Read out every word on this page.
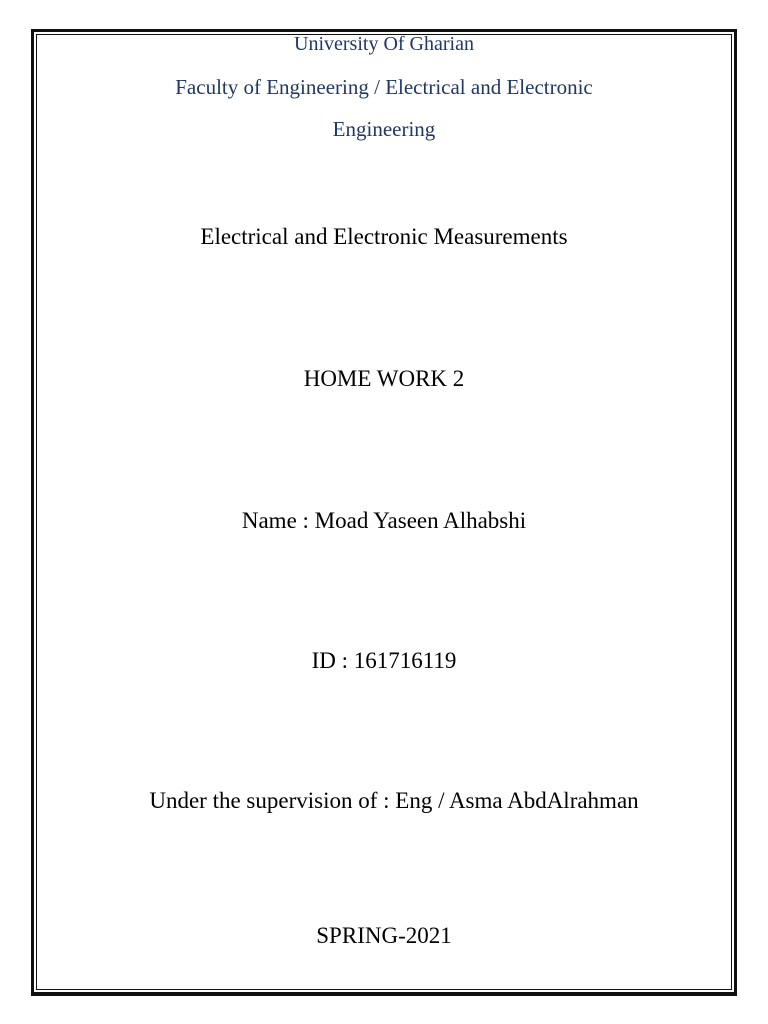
University Of Gharian
Faculty of Engineering / Electrical and Electronic
Engineering
Electrical and Electronic Measurements
HOME WORK 2
Name : Moad Yaseen Alhabshi
ID : 161716119
Under the supervision of : Eng / Asma AbdAlrahman
SPRING-2021
